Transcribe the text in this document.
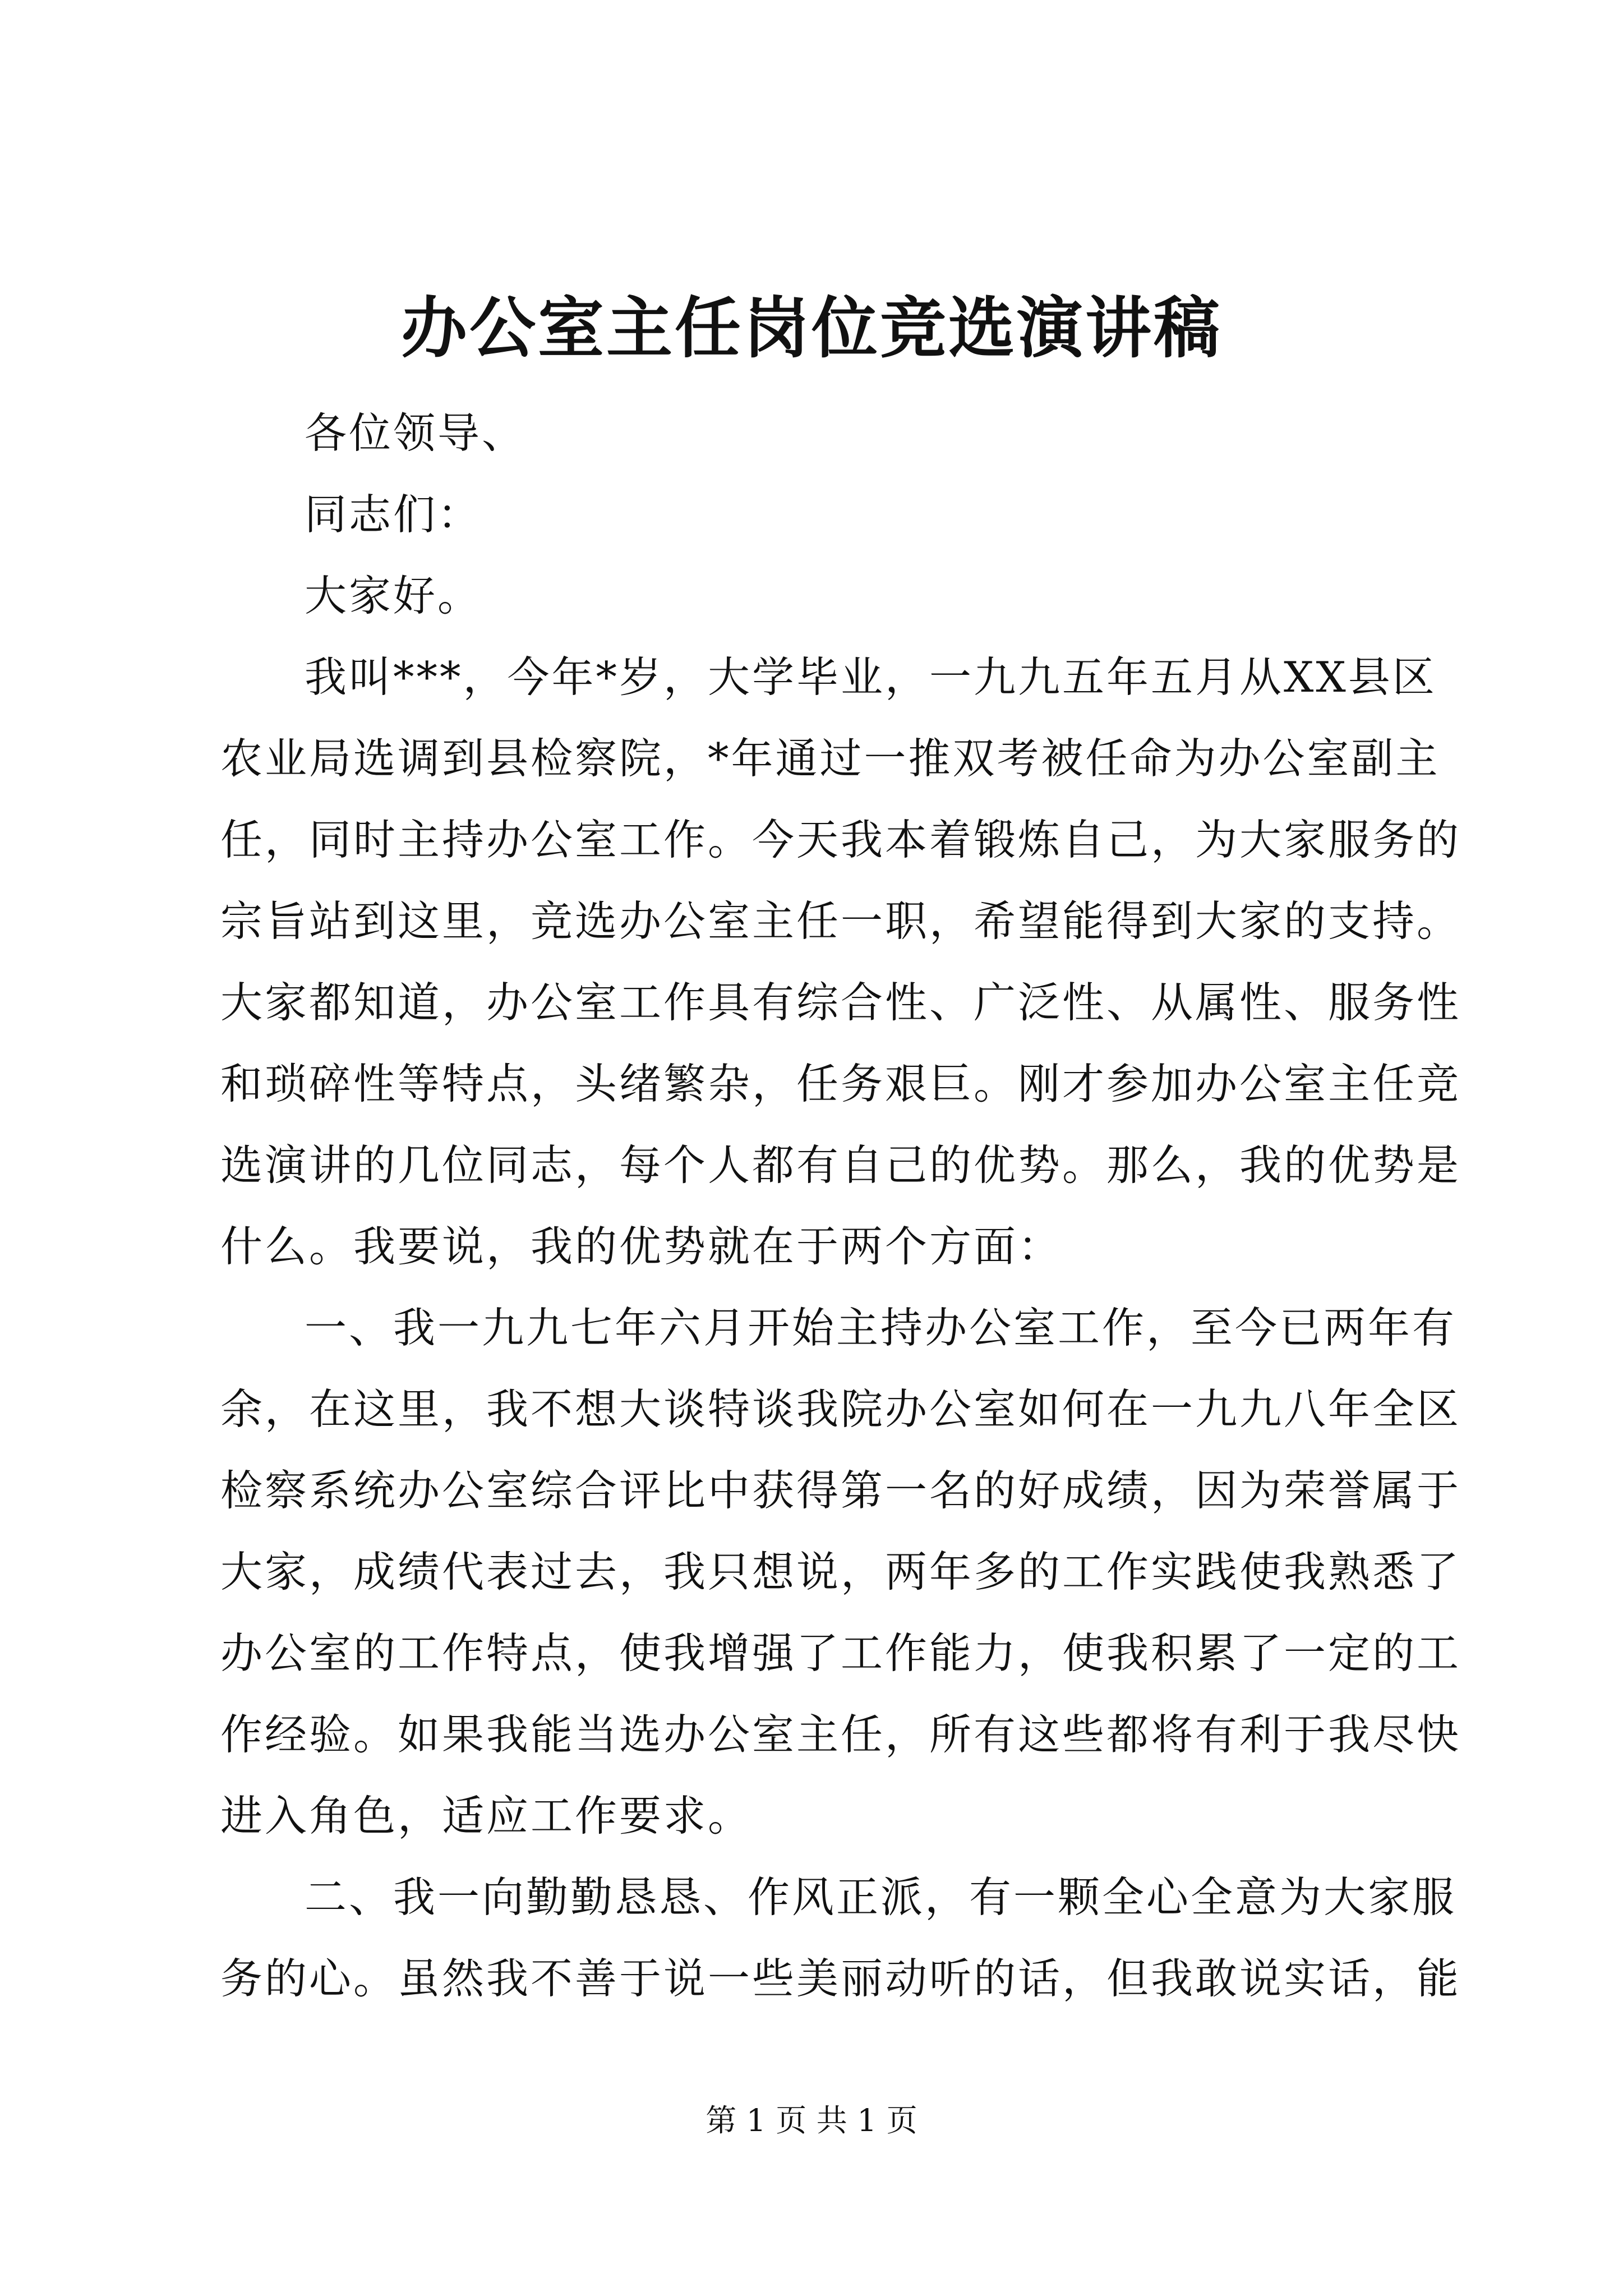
办公室主任岗位竞选演讲稿
各位领导、
同志们：
大家好。
我叫***，今年*岁，大学毕业，一九九五年五月从XX县区
农业局选调到县检察院，*年通过一推双考被任命为办公室副主
任，同时主持办公室工作。今天我本着锻炼自己，为大家服务的
宗旨站到这里，竞选办公室主任一职，希望能得到大家的支持。
大家都知道，办公室工作具有综合性、广泛性、从属性、服务性
和琐碎性等特点，头绪繁杂，任务艰巨。刚才参加办公室主任竞
选演讲的几位同志，每个人都有自己的优势。那么，我的优势是
什么。我要说，我的优势就在于两个方面：
一、我一九九七年六月开始主持办公室工作，至今已两年有
余，在这里，我不想大谈特谈我院办公室如何在一九九八年全区
检察系统办公室综合评比中获得第一名的好成绩，因为荣誉属于
大家，成绩代表过去，我只想说，两年多的工作实践使我熟悉了
办公室的工作特点，使我增强了工作能力，使我积累了一定的工
作经验。如果我能当选办公室主任，所有这些都将有利于我尽快
进入角色，适应工作要求。
二、我一向勤勤恳恳、作风正派，有一颗全心全意为大家服
务的心。虽然我不善于说一些美丽动听的话，但我敢说实话，能
第 1 页 共 1 页
